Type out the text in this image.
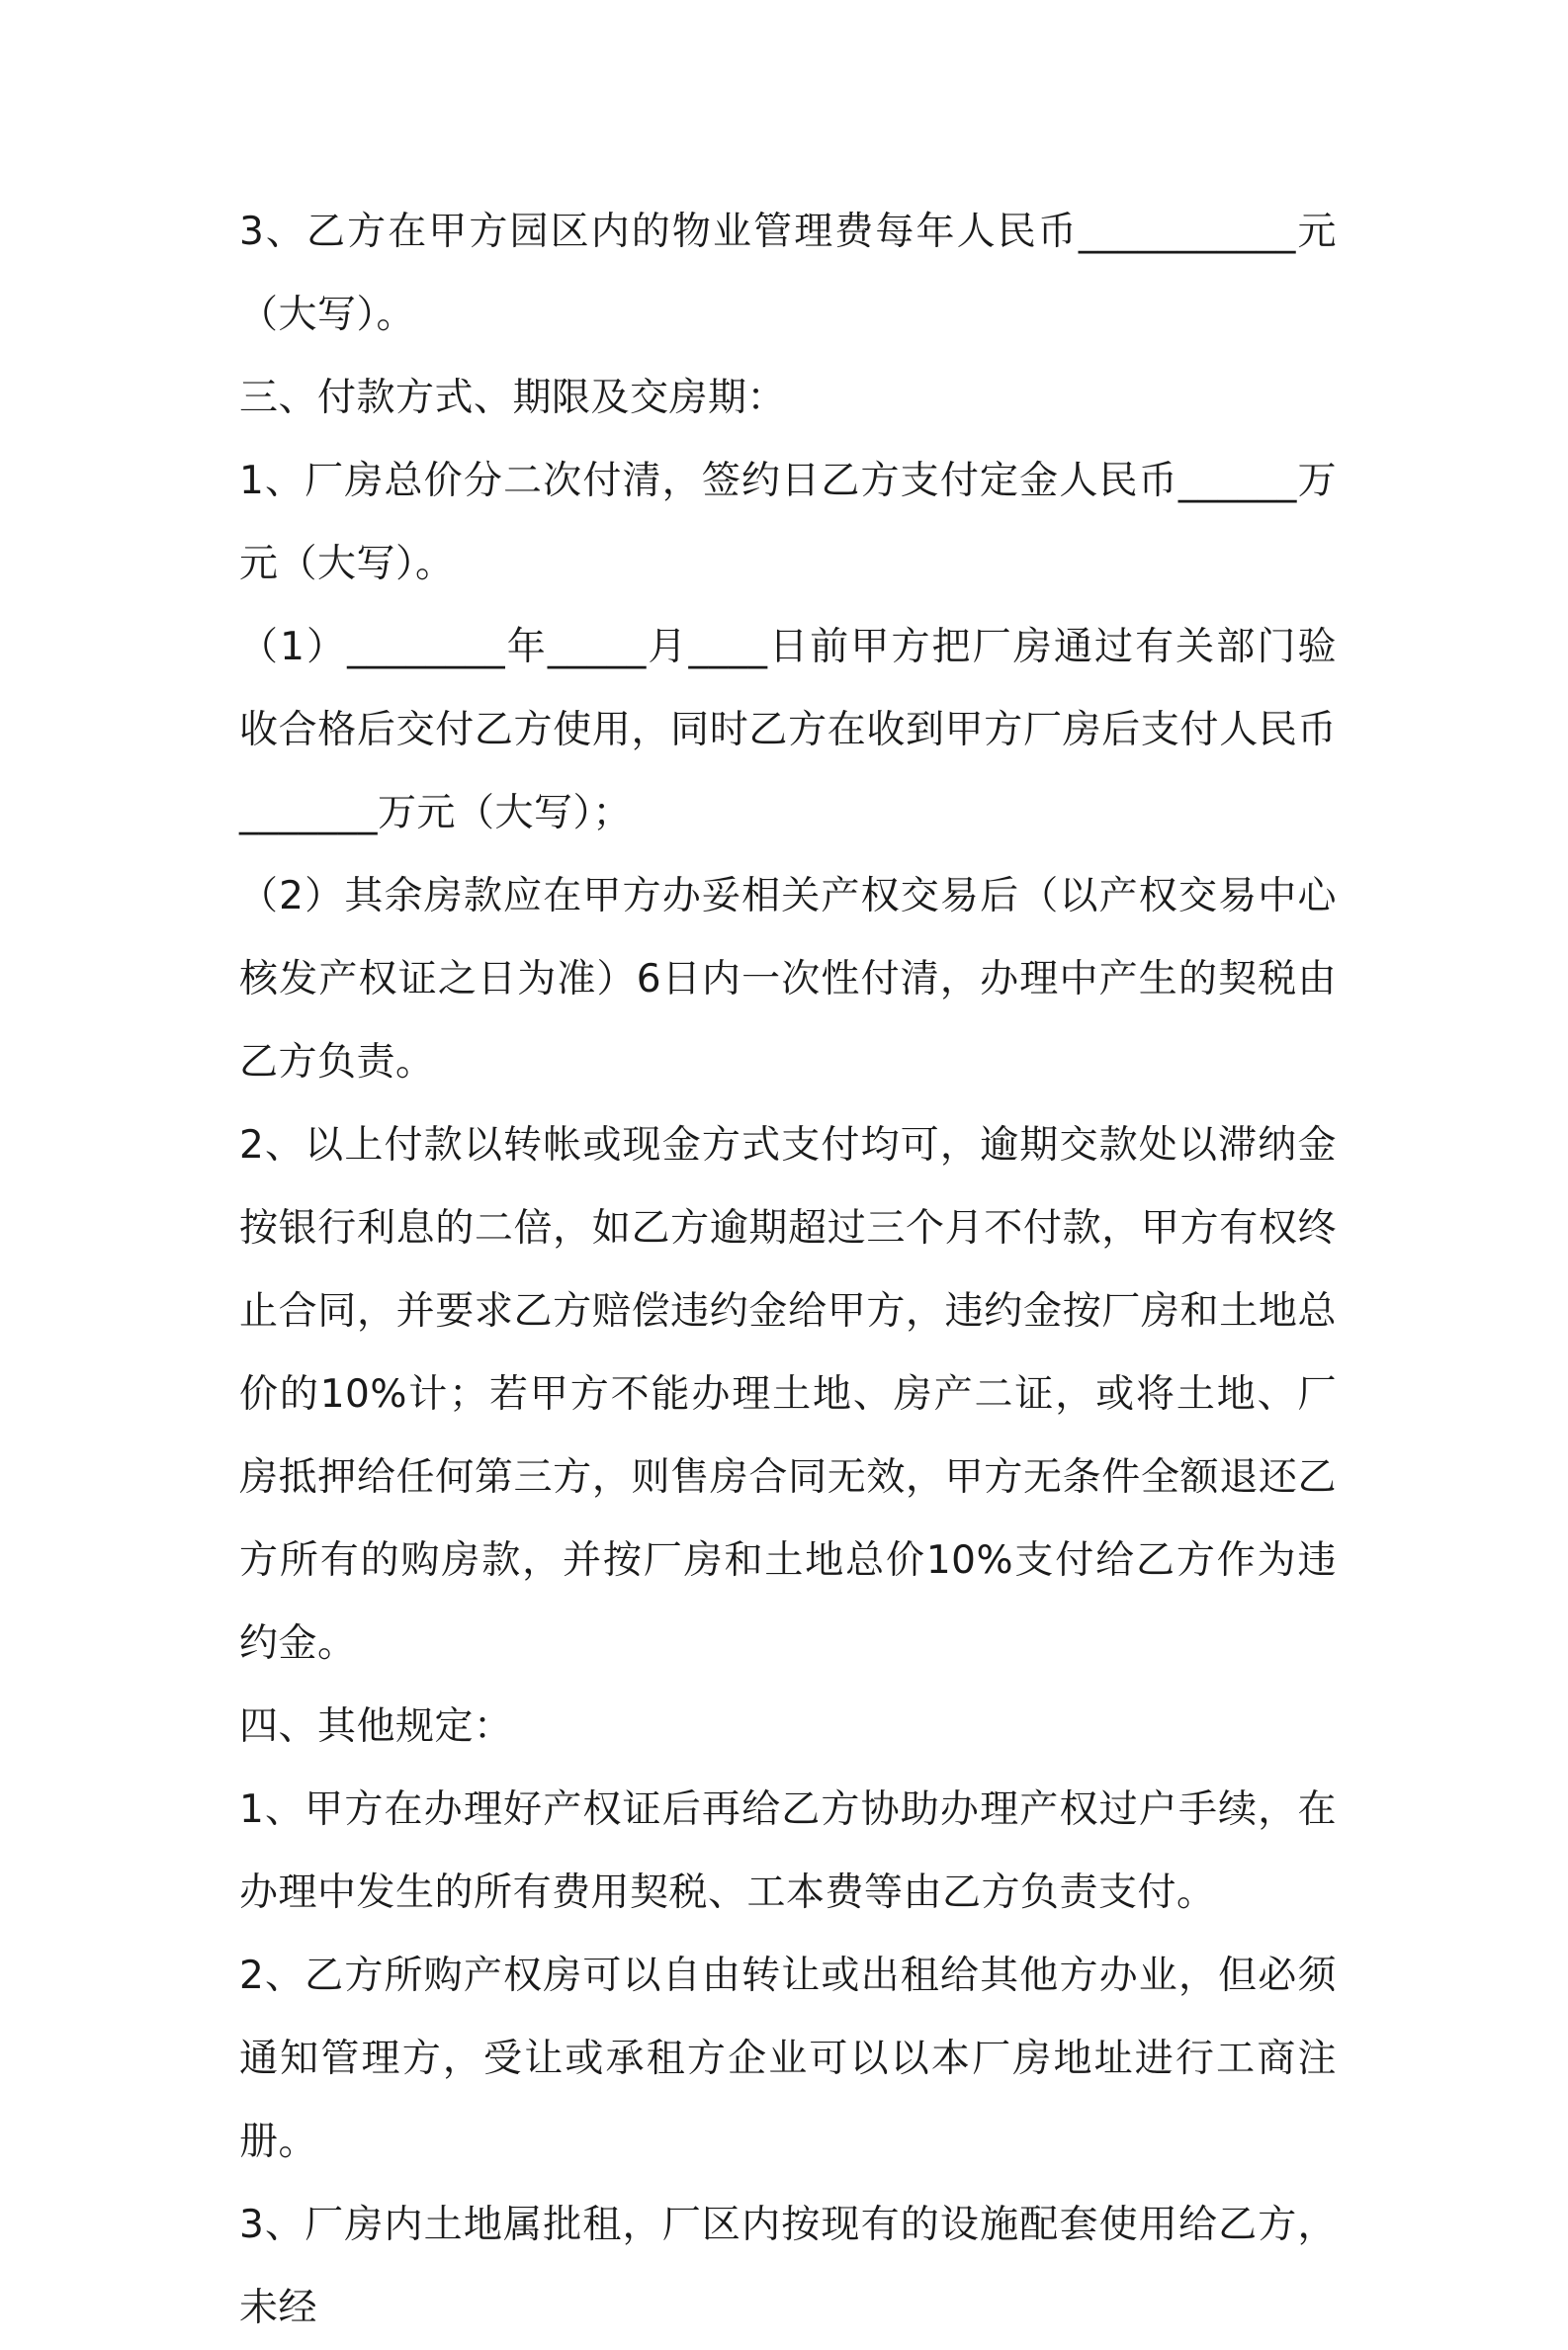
3、乙方在甲方园区内的物业管理费每年人民币___________元（大写）。

三、付款方式、期限及交房期：

1、厂房总价分二次付清，签约日乙方支付定金人民币______万元（大写）。

（1）________年_____月____日前甲方把厂房通过有关部门验收合格后交付乙方使用，同时乙方在收到甲方厂房后支付人民币_______万元（大写）；

（2）其余房款应在甲方办妥相关产权交易后（以产权交易中心核发产权证之日为准）6日内一次性付清，办理中产生的契税由乙方负责。

2、以上付款以转帐或现金方式支付均可，逾期交款处以滞纳金按银行利息的二倍，如乙方逾期超过三个月不付款，甲方有权终止合同，并要求乙方赔偿违约金给甲方，违约金按厂房和土地总价的10%计；若甲方不能办理土地、房产二证，或将土地、厂房抵押给任何第三方，则售房合同无效，甲方无条件全额退还乙方所有的购房款，并按厂房和土地总价10%支付给乙方作为违约金。

四、其他规定：

1、甲方在办理好产权证后再给乙方协助办理产权过户手续，在办理中发生的所有费用契税、工本费等由乙方负责支付。

2、乙方所购产权房可以自由转让或出租给其他方办业，但必须通知管理方，受让或承租方企业可以以本厂房地址进行工商注册。

3、厂房内土地属批租，厂区内按现有的设施配套使用给乙方，未经
